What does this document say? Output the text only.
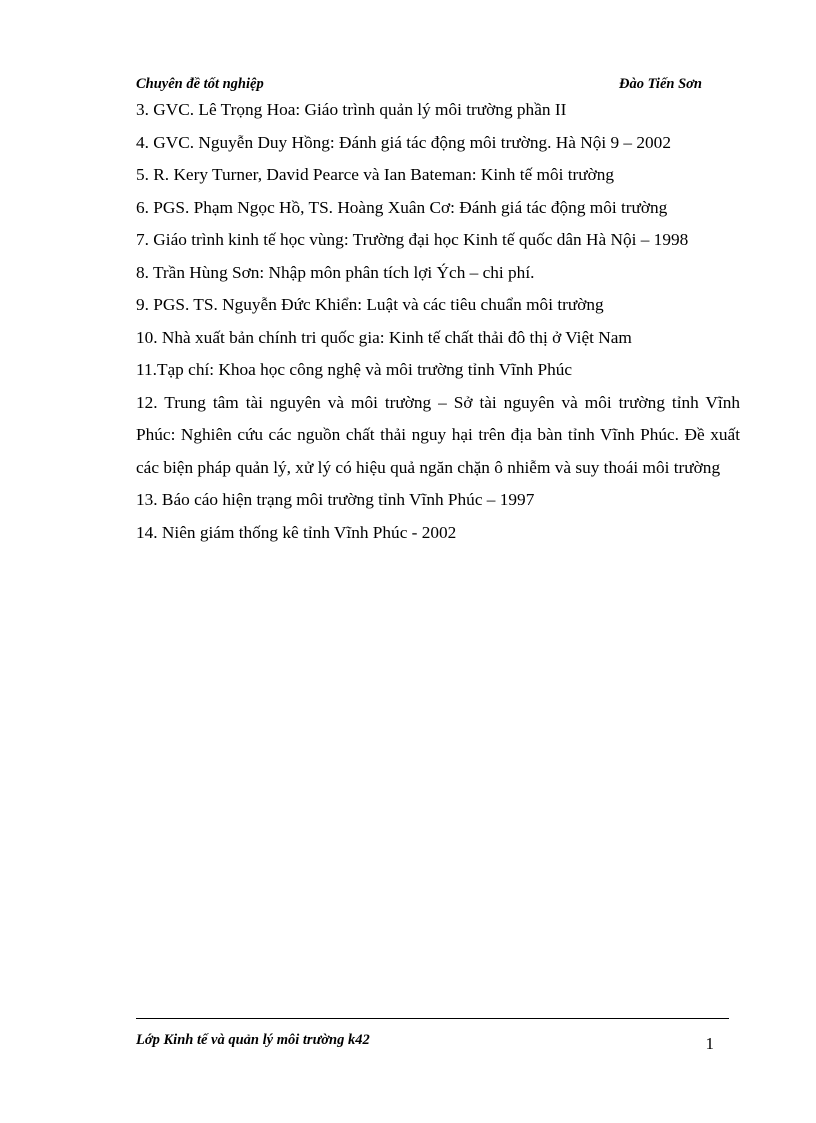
Chuyên đề tốt nghiệp	Đào Tiến Sơn
3. GVC. Lê Trọng Hoa: Giáo trình quản lý môi trường phần II
4. GVC. Nguyễn Duy Hồng: Đánh giá tác động môi trường. Hà Nội 9 – 2002
5. R. Kery Turner, David Pearce và Ian Bateman: Kinh tế môi trường
6. PGS. Phạm Ngọc Hồ, TS. Hoàng Xuân Cơ: Đánh giá tác động môi trường
7. Giáo trình kinh tế học vùng: Trường đại học Kinh tế quốc dân Hà Nội – 1998
8. Trần Hùng Sơn: Nhập môn phân tích lợi Ých – chi phí.
9. PGS. TS. Nguyễn Đức Khiển: Luật và các tiêu chuẩn môi trường
10. Nhà xuất bản chính tri quốc gia: Kinh tế chất thải đô thị ở Việt Nam
11.Tạp chí: Khoa học công nghệ và môi trường tỉnh Vĩnh Phúc
12. Trung tâm tài nguyên và môi trường – Sở tài nguyên và môi trường tỉnh Vĩnh Phúc: Nghiên cứu các nguồn chất thải nguy hại trên địa bàn tỉnh Vĩnh Phúc. Đề xuất các biện pháp quản lý, xử lý có hiệu quả ngăn chặn ô nhiễm và suy thoái môi trường
13. Báo cáo hiện trạng môi trường tỉnh Vĩnh Phúc – 1997
14. Niên giám thống kê tỉnh Vĩnh Phúc - 2002
Lớp Kinh tế và quản lý môi trường k42	1
